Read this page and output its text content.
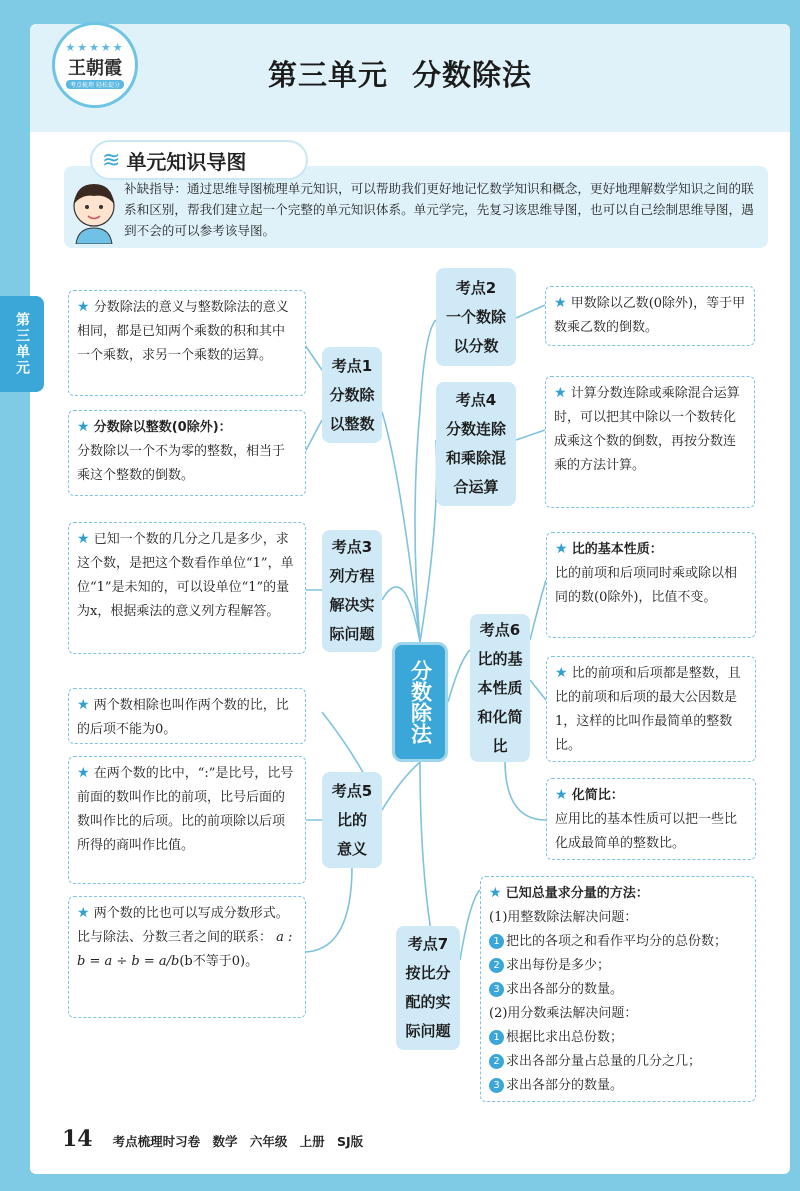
★★★★★
王朝霞
考点梳理 轻松提分	第三单元 分数除法
第三单元
≋ 单元知识导图
补缺指导：通过思维导图梳理单元知识，可以帮助我们更好地记忆数学知识和概念，更好地理解数学知识之间的联系和区别，帮我们建立起一个完整的单元知识体系。单元学完，先复习该思维导图，也可以自己绘制思维导图，遇到不会的可以参考该导图。
分数除法
考点1
分数除
以整数
考点2
一个数除
以分数
考点3
列方程
解决实
际问题
考点4
分数连除
和乘除混
合运算
考点5
比的
意义
考点6
比的基
本性质
和化简
比
考点7
按比分
配的实
际问题
★ 分数除法的意义与整数除法的意义相同，都是已知两个乘数的积和其中一个乘数，求另一个乘数的运算。
★ 分数除以整数(0除外)：
分数除以一个不为零的整数，相当于乘这个整数的倒数。
★ 已知一个数的几分之几是多少，求这个数，是把这个数看作单位“1”，单位“1”是未知的，可以设单位“1”的量为x，根据乘法的意义列方程解答。
★ 两个数相除也叫作两个数的比，比的后项不能为0。
★ 在两个数的比中，“:”是比号，比号前面的数叫作比的前项，比号后面的数叫作比的后项。比的前项除以后项所得的商叫作比值。
★ 两个数的比也可以写成分数形式。比与除法、分数三者之间的联系： a : b = a ÷ b = a/b(b不等于0)。
★ 甲数除以乙数(0除外)，等于甲数乘乙数的倒数。
★ 计算分数连除或乘除混合运算时，可以把其中除以一个数转化成乘这个数的倒数，再按分数连乘的方法计算。
★ 比的基本性质：
比的前项和后项同时乘或除以相同的数(0除外)，比值不变。
★ 比的前项和后项都是整数，且比的前项和后项的最大公因数是1，这样的比叫作最简单的整数比。
★ 化简比：
应用比的基本性质可以把一些比化成最简单的整数比。
★ 已知总量求分量的方法：
(1)用整数除法解决问题：
1 把比的各项之和看作平均分的总份数；
2 求出每份是多少；
3 求出各部分的数量。
(2)用分数乘法解决问题：
1 根据比求出总份数；
2 求出各部分量占总量的几分之几；
3 求出各部分的数量。
14 考点梳理时习卷 数学 六年级 上册 SJ版
